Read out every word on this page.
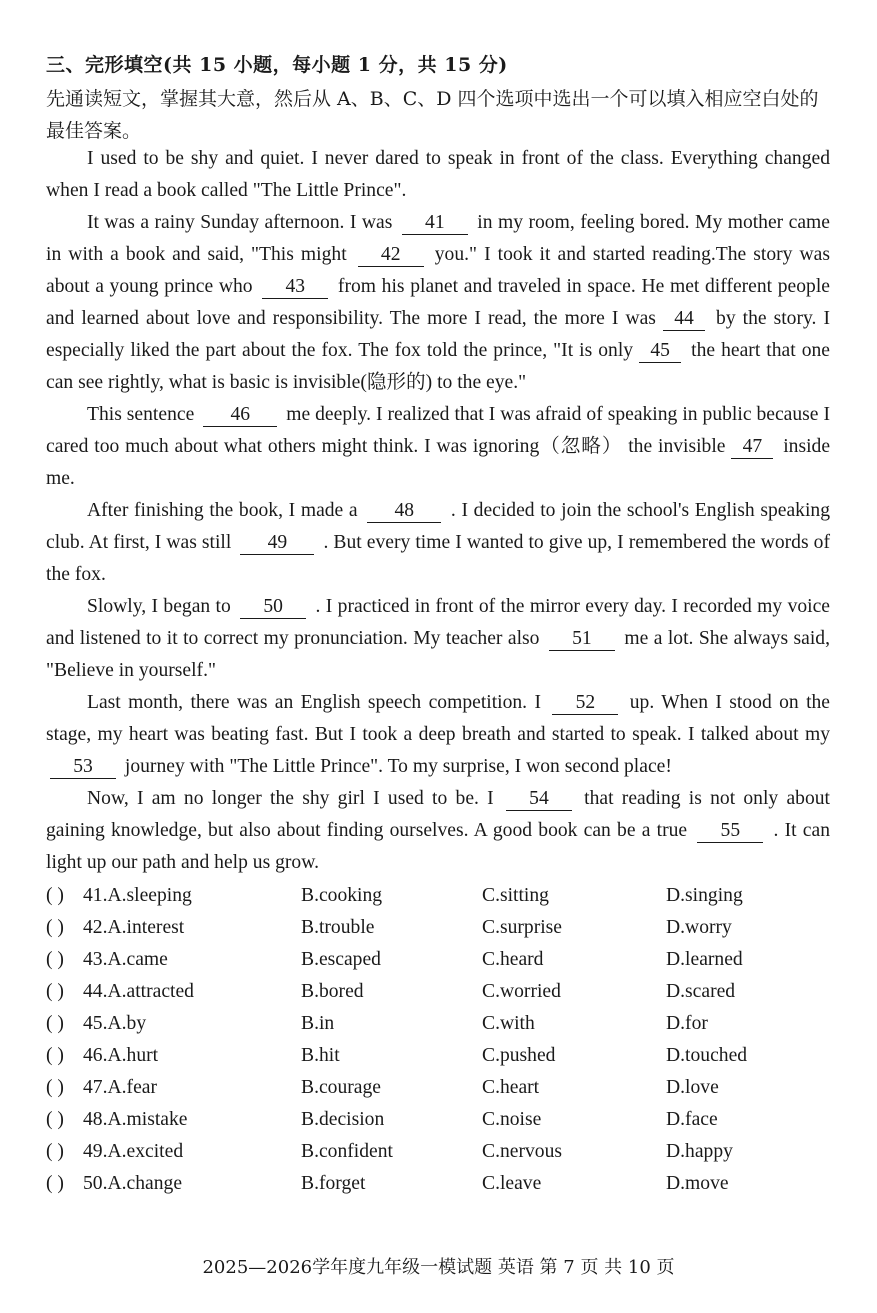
三、完形填空(共 15 小题，每小题 1 分，共 15 分)
先通读短文，掌握其大意，然后从 A、B、C、D 四个选项中选出一个可以填入相应空白处的最佳答案。

I used to be shy and quiet. I never dared to speak in front of the class. Everything changed when I read a book called "The Little Prince".

It was a rainy Sunday afternoon. I was 41 in my room, feeling bored. My mother came in with a book and said, "This might 42 you." I took it and started reading.The story was about a young prince who 43 from his planet and traveled in space. He met different people and learned about love and responsibility. The more I read, the more I was 44 by the story. I especially liked the part about the fox. The fox told the prince, "It is only 45 the heart that one can see rightly, what is basic is invisible(隐形的) to the eye."

This sentence 46 me deeply. I realized that I was afraid of speaking in public because I cared too much about what others might think. I was ignoring（忽略） the invisible 47 inside me.

After finishing the book, I made a 48 . I decided to join the school's English speaking club. At first, I was still 49 . But every time I wanted to give up, I remembered the words of the fox.

Slowly, I began to 50 . I practiced in front of the mirror every day. I recorded my voice and listened to it to correct my pronunciation. My teacher also 51 me a lot. She always said, "Believe in yourself."

Last month, there was an English speech competition. I 52 up. When I stood on the stage, my heart was beating fast. But I took a deep breath and started to speak. I talked about my 53 journey with "The Little Prince". To my surprise, I won second place!

Now, I am no longer the shy girl I used to be. I 54 that reading is not only about gaining knowledge, but also about finding ourselves. A good book can be a true 55 . It can light up our path and help us grow.

( ) 41.A.sleeping	B.cooking	C.sitting	D.singing
( ) 42.A.interest	B.trouble	C.surprise	D.worry
( ) 43.A.came	B.escaped	C.heard	D.learned
( ) 44.A.attracted	B.bored	C.worried	D.scared
( ) 45.A.by	B.in	C.with	D.for
( ) 46.A.hurt	B.hit	C.pushed	D.touched
( ) 47.A.fear	B.courage	C.heart	D.love
( ) 48.A.mistake	B.decision	C.noise	D.face
( ) 49.A.excited	B.confident	C.nervous	D.happy
( ) 50.A.change	B.forget	C.leave	D.move
2025—2026学年度九年级一模试题 英语 第 7 页 共 10 页
